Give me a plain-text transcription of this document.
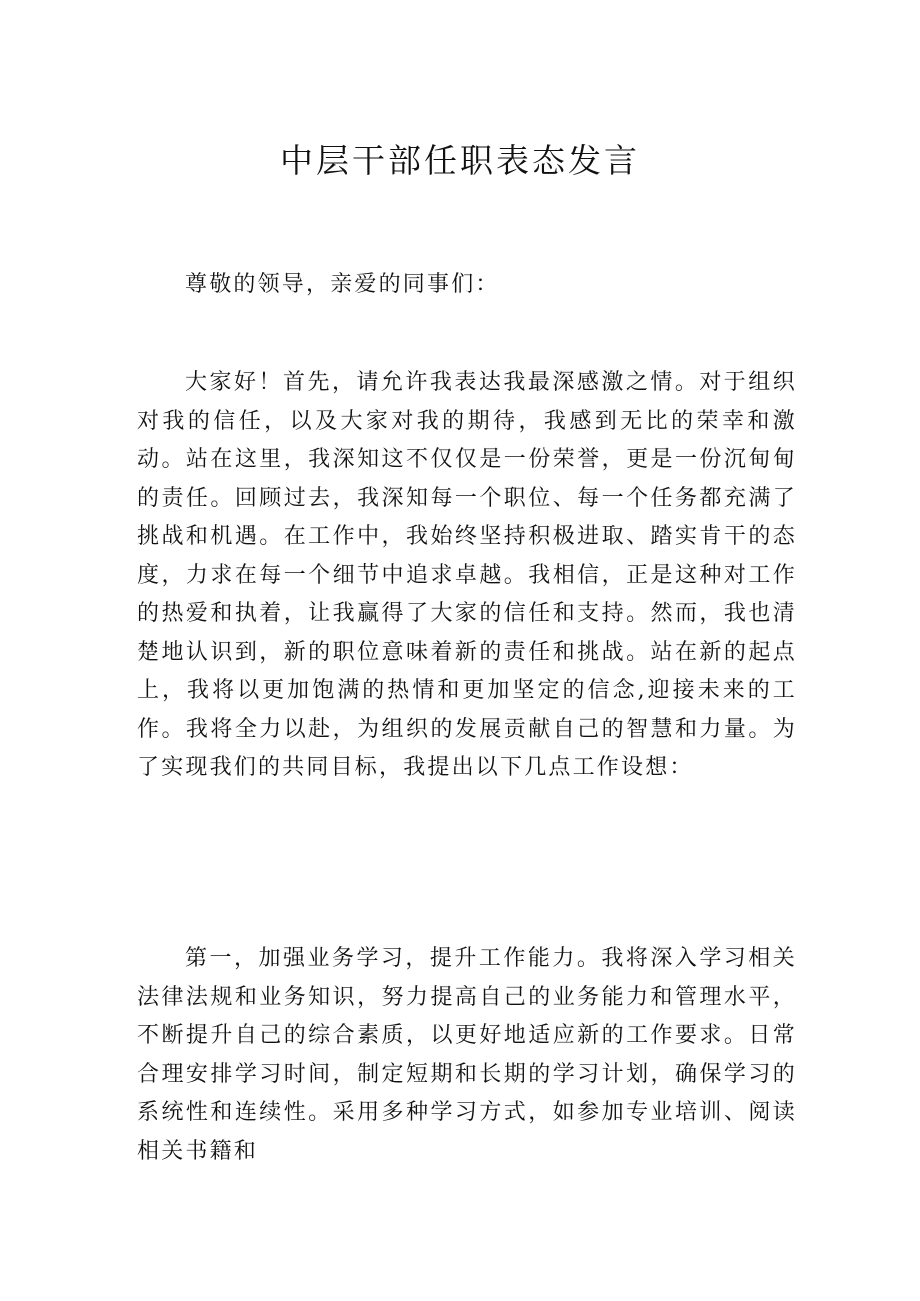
中层干部任职表态发言

尊敬的领导，亲爱的同事们：

大家好！首先，请允许我表达我最深感激之情。对于组织对我的信任，以及大家对我的期待，我感到无比的荣幸和激动。站在这里，我深知这不仅仅是一份荣誉，更是一份沉甸甸的责任。回顾过去，我深知每一个职位、每一个任务都充满了挑战和机遇。在工作中，我始终坚持积极进取、踏实肯干的态度，力求在每一个细节中追求卓越。我相信，正是这种对工作的热爱和执着，让我赢得了大家的信任和支持。然而，我也清楚地认识到，新的职位意味着新的责任和挑战。站在新的起点上，我将以更加饱满的热情和更加坚定的信念,迎接未来的工作。我将全力以赴，为组织的发展贡献自己的智慧和力量。为了实现我们的共同目标，我提出以下几点工作设想：

第一，加强业务学习，提升工作能力。我将深入学习相关法律法规和业务知识，努力提高自己的业务能力和管理水平，不断提升自己的综合素质，以更好地适应新的工作要求。日常合理安排学习时间，制定短期和长期的学习计划，确保学习的系统性和连续性。采用多种学习方式，如参加专业培训、阅读相关书籍和
